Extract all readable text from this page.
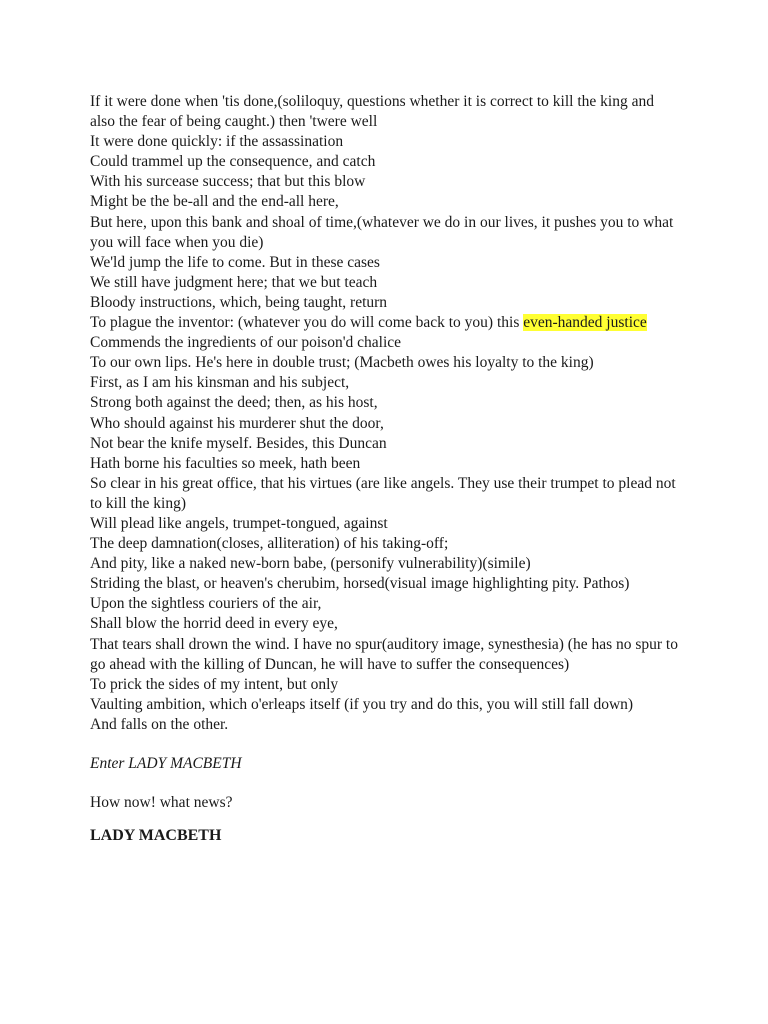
If it were done when 'tis done,(soliloquy, questions whether it is correct to kill the king and also the fear of being caught.) then 'twere well
It were done quickly: if the assassination
Could trammel up the consequence, and catch
With his surcease success; that but this blow
Might be the be-all and the end-all here,
But here, upon this bank and shoal of time,(whatever we do in our lives, it pushes you to what you will face when you die)
We'ld jump the life to come. But in these cases
We still have judgment here; that we but teach
Bloody instructions, which, being taught, return
To plague the inventor: (whatever you do will come back to you) this even-handed justice
Commends the ingredients of our poison'd chalice
To our own lips. He's here in double trust; (Macbeth owes his loyalty to the king)
First, as I am his kinsman and his subject,
Strong both against the deed; then, as his host,
Who should against his murderer shut the door,
Not bear the knife myself. Besides, this Duncan
Hath borne his faculties so meek, hath been
So clear in his great office, that his virtues (are like angels. They use their trumpet to plead not to kill the king)
Will plead like angels, trumpet-tongued, against
The deep damnation(closes, alliteration) of his taking-off;
And pity, like a naked new-born babe, (personify vulnerability)(simile)
Striding the blast, or heaven's cherubim, horsed(visual image highlighting pity. Pathos)
Upon the sightless couriers of the air,
Shall blow the horrid deed in every eye,
That tears shall drown the wind. I have no spur(auditory image, synesthesia) (he has no spur to go ahead with the killing of Duncan, he will have to suffer the consequences)
To prick the sides of my intent, but only
Vaulting ambition, which o'erleaps itself (if you try and do this, you will still fall down)
And falls on the other.
Enter LADY MACBETH
How now! what news?
LADY MACBETH
